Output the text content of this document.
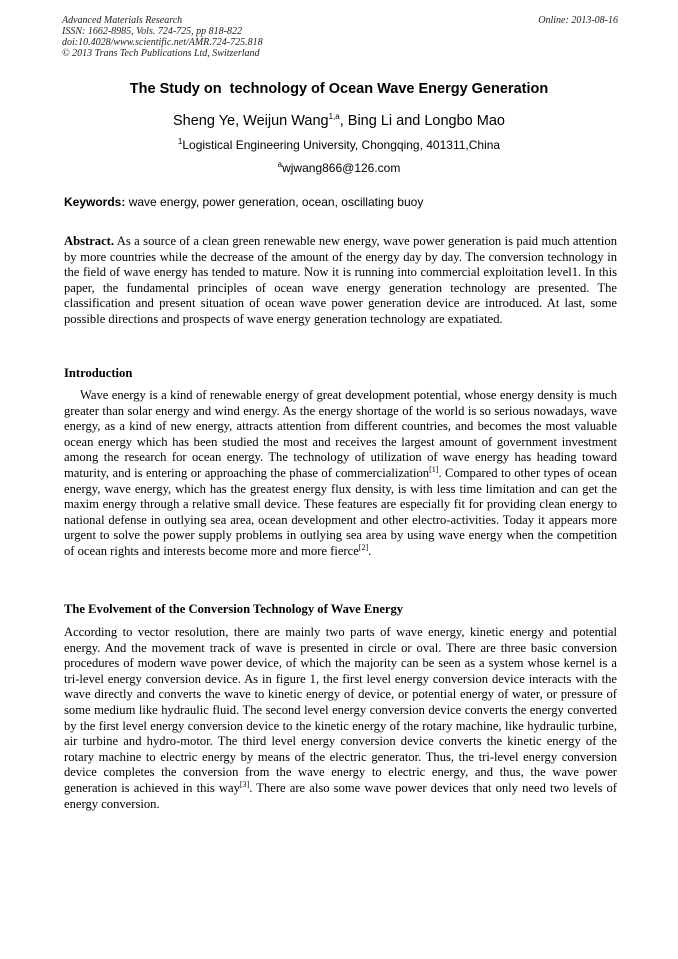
Advanced Materials Research	Online: 2013-08-16
ISSN: 1662-8985, Vols. 724-725, pp 818-822
doi:10.4028/www.scientific.net/AMR.724-725.818
© 2013 Trans Tech Publications Ltd, Switzerland
The Study on  technology of Ocean Wave Energy Generation
Sheng Ye, Weijun Wang$^{1,a}$, Bing Li and Longbo Mao
$^1$Logistical Engineering University, Chongqing, 401311,China
$^a$wjwang866@126.com
Keywords: wave energy, power generation, ocean, oscillating buoy
Abstract. As a source of a clean green renewable new energy, wave power generation is paid much attention by more countries while the decrease of the amount of the energy day by day. The conversion technology in the field of wave energy has tended to mature. Now it is running into commercial exploitation level1. In this paper, the fundamental principles of ocean wave energy generation technology are presented. The classification and present situation of ocean wave power generation device are introduced. At last, some possible directions and prospects of wave energy generation technology are expatiated.
Introduction
Wave energy is a kind of renewable energy of great development potential, whose energy density is much greater than solar energy and wind energy. As the energy shortage of the world is so serious nowadays, wave energy, as a kind of new energy, attracts attention from different countries, and becomes the most valuable ocean energy which has been studied the most and receives the largest amount of government investment among the research for ocean energy. The technology of utilization of wave energy has heading toward maturity, and is entering or approaching the phase of commercialization[1]. Compared to other types of ocean energy, wave energy, which has the greatest energy flux density, is with less time limitation and can get the maxim energy through a relative small device. These features are especially fit for providing clean energy to national defense in outlying sea area, ocean development and other electro-activities. Today it appears more urgent to solve the power supply problems in outlying sea area by using wave energy when the competition of ocean rights and interests become more and more fierce[2].
The Evolvement of the Conversion Technology of Wave Energy
According to vector resolution, there are mainly two parts of wave energy, kinetic energy and potential energy. And the movement track of wave is presented in circle or oval. There are three basic conversion procedures of modern wave power device, of which the majority can be seen as a system whose kernel is a tri-level energy conversion device. As in figure 1, the first level energy conversion device interacts with the wave directly and converts the wave to kinetic energy of device, or potential energy of water, or pressure of some medium like hydraulic fluid. The second level energy conversion device converts the energy converted by the first level energy conversion device to the kinetic energy of the rotary machine, like hydraulic turbine, air turbine and hydro-motor. The third level energy conversion device converts the kinetic energy of the rotary machine to electric energy by means of the electric generator. Thus, the tri-level energy conversion device completes the conversion from the wave energy to electric energy, and thus, the wave power generation is achieved in this way[3]. There are also some wave power devices that only need two levels of energy conversion.
